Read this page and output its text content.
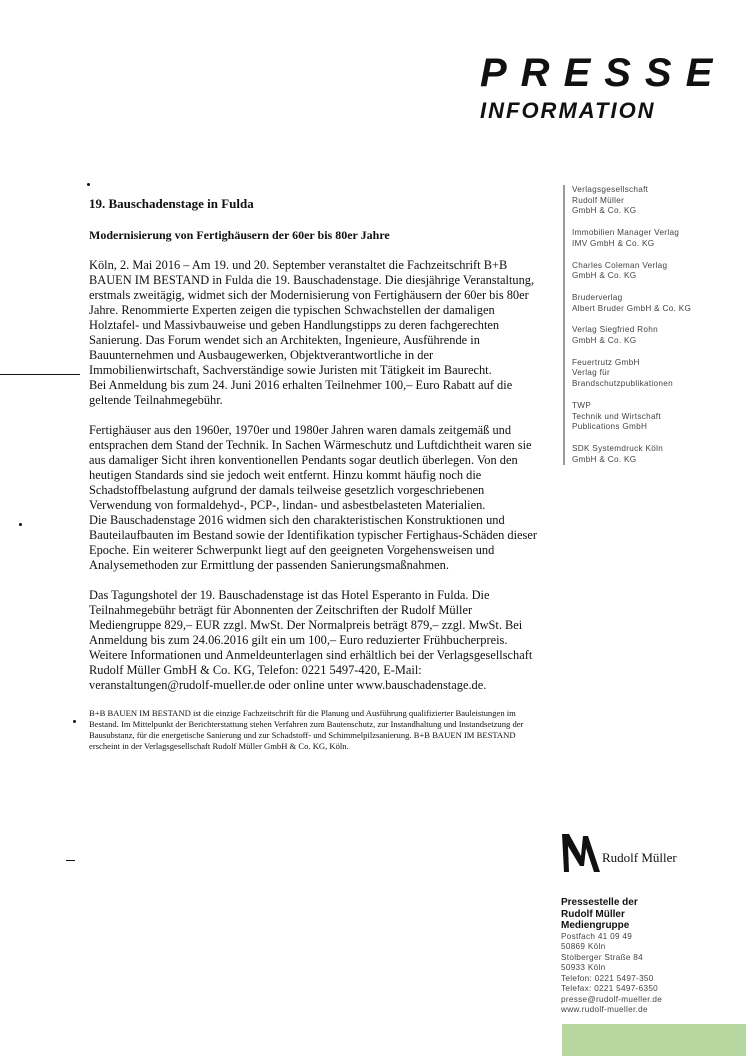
PRESSE
INFORMATION
19. Bauschadenstage in Fulda
Modernisierung von Fertighäusern der 60er bis 80er Jahre

Köln, 2. Mai 2016 – Am 19. und 20. September veranstaltet die Fachzeitschrift B+B BAUEN IM BESTAND in Fulda die 19. Bauschadenstage. Die diesjährige Veranstaltung, erstmals zweitägig, widmet sich der Modernisierung von Fertighäusern der 60er bis 80er Jahre. Renommierte Experten zeigen die typischen Schwachstellen der damaligen Holztafel- und Massivbauweise und geben Handlungstipps zu deren fachgerechten Sanierung. Das Forum wendet sich an Architekten, Ingenieure, Ausführende in Bauunternehmen und Ausbaugewerken, Objektverantwortliche in der Immobilienwirtschaft, Sachverständige sowie Juristen mit Tätigkeit im Baurecht.
Bei Anmeldung bis zum 24. Juni 2016 erhalten Teilnehmer 100,– Euro Rabatt auf die geltende Teilnahmegebühr.

Fertighäuser aus den 1960er, 1970er und 1980er Jahren waren damals zeitgemäß und entsprachen dem Stand der Technik. In Sachen Wärmeschutz und Luftdichtheit waren sie aus damaliger Sicht ihren konventionellen Pendants sogar deutlich überlegen. Von den heutigen Standards sind sie jedoch weit entfernt. Hinzu kommt häufig noch die Schadstoffbelastung aufgrund der damals teilweise gesetzlich vorgeschriebenen Verwendung von formaldehyd-, PCP-, lindan- und asbestbelasteten Materialien.
Die Bauschadenstage 2016 widmen sich den charakteristischen Konstruktionen und Bauteilaufbauten im Bestand sowie der Identifikation typischer Fertighaus-Schäden dieser Epoche. Ein weiterer Schwerpunkt liegt auf den geeigneten Vorgehensweisen und Analysemethoden zur Ermittlung der passenden Sanierungsmaßnahmen.

Das Tagungshotel der 19. Bauschadenstage ist das Hotel Esperanto in Fulda. Die Teilnahmegebühr beträgt für Abonnenten der Zeitschriften der Rudolf Müller Mediengruppe 829,– EUR zzgl. MwSt. Der Normalpreis beträgt 879,– zzgl. MwSt. Bei Anmeldung bis zum 24.06.2016 gilt ein um 100,– Euro reduzierter Frühbucherpreis. Weitere Informationen und Anmeldeunterlagen sind erhältlich bei der Verlagsgesellschaft Rudolf Müller GmbH & Co. KG, Telefon: 0221 5497-420, E-Mail: veranstaltungen@rudolf-mueller.de oder online unter www.bauschadenstage.de.

B+B BAUEN IM BESTAND ist die einzige Fachzeitschrift für die Planung und Ausführung qualifizierter Bauleistungen im Bestand. Im Mittelpunkt der Berichterstattung stehen Verfahren zum Bautenschutz, zur Instandhaltung und Instandsetzung der Bausubstanz, für die energetische Sanierung und zur Schadstoff- und Schimmelpilzsanierung. B+B BAUEN IM BESTAND erscheint in der Verlagsgesellschaft Rudolf Müller GmbH & Co. KG, Köln.
Verlagsgesellschaft
Rudolf Müller
GmbH & Co. KG
Immobilien Manager Verlag
IMV GmbH & Co. KG
Charles Coleman Verlag
GmbH & Co. KG
Bruderverlag
Albert Bruder GmbH & Co. KG
Verlag Siegfried Rohn
GmbH & Co. KG
Feuertrutz GmbH
Verlag für
Brandschutzpublikationen
TWP
Technik und Wirtschaft
Publications GmbH
SDK Systemdruck Köln
GmbH & Co. KG
Rudolf Müller
Pressestelle der
Rudolf Müller
Mediengruppe
Postfach 41 09 49
50869 Köln
Stolberger Straße 84
50933 Köln
Telefon: 0221 5497-350
Telefax: 0221 5497-6350
presse@rudolf-mueller.de
www.rudolf-mueller.de
